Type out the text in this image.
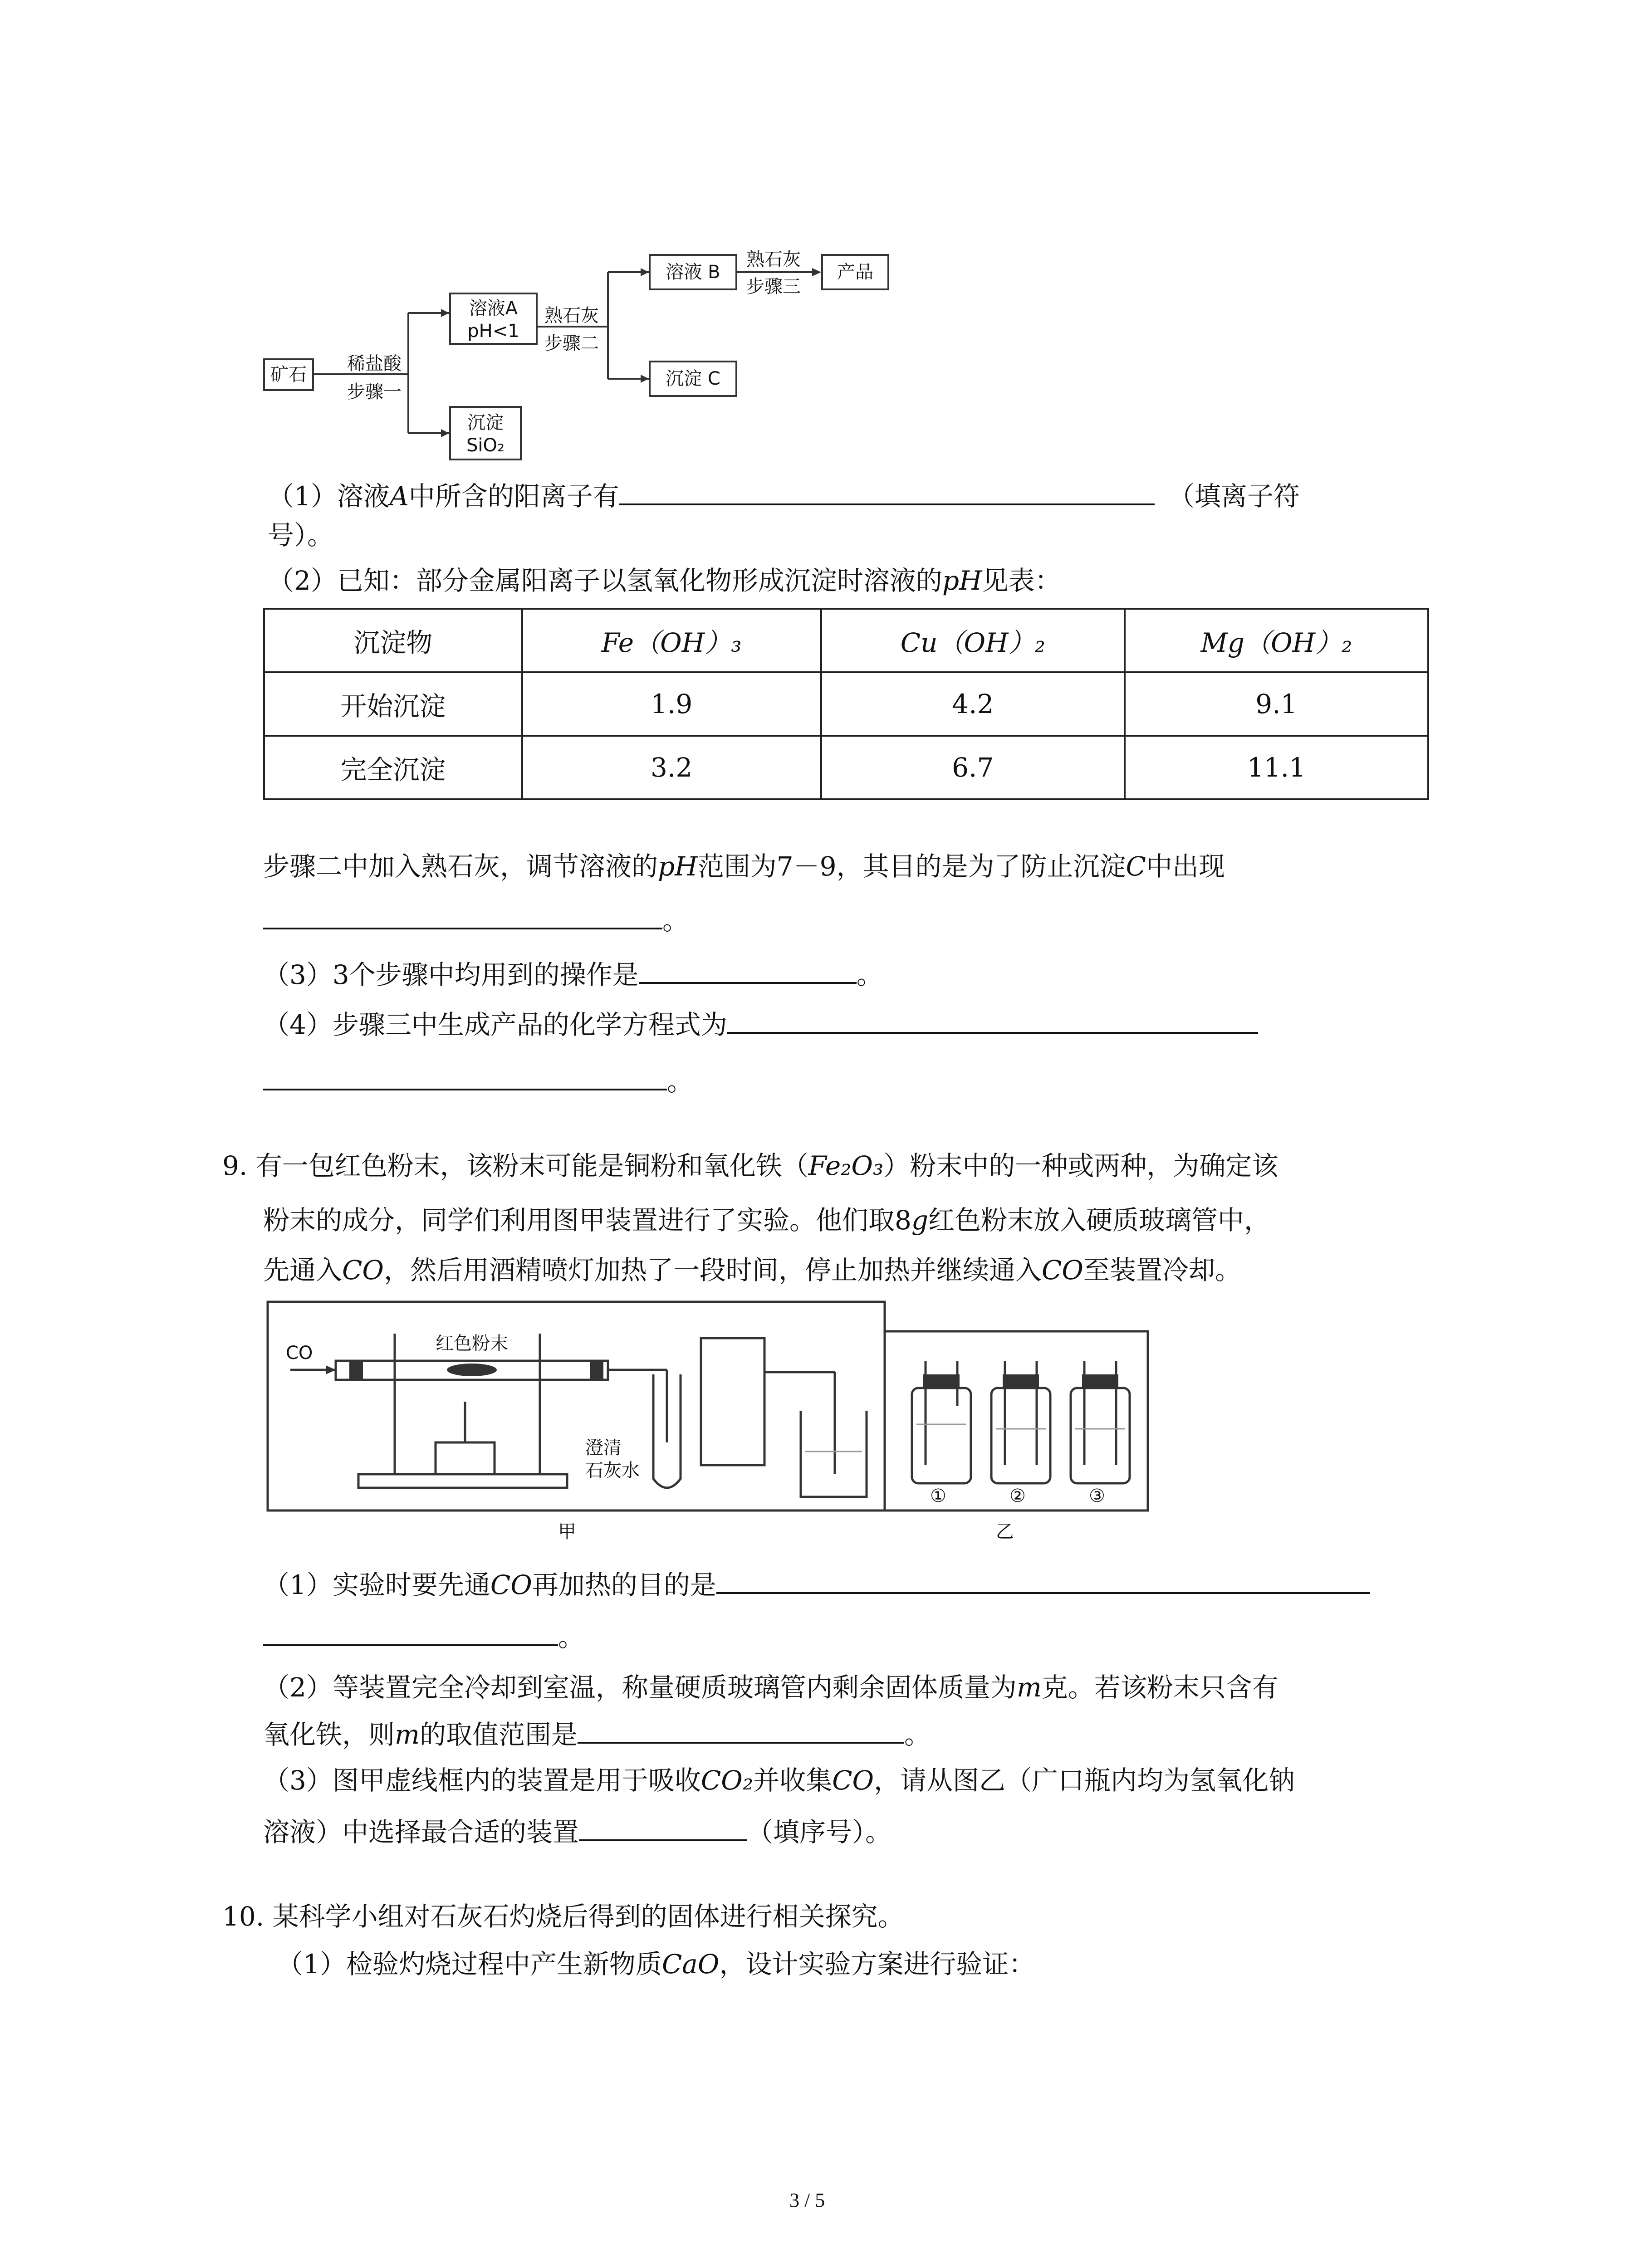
矿石
稀盐酸
步骤一
溶液A
pH<1
沉淀
SiO₂
熟石灰
步骤二
溶液 B
沉淀 C
熟石灰
步骤三
产品
（1）溶液A中所含的阳离子有	（填离子符
号）。
（2）已知：部分金属阳离子以氢氧化物形成沉淀时溶液的pH见表：
沉淀物	Fe（OH）₃	Cu（OH）₂	Mg（OH）₂
开始沉淀	1.9	4.2	9.1
完全沉淀	3.2	6.7	11.1
步骤二中加入熟石灰，调节溶液的pH范围为7－9，其目的是为了防止沉淀C中出现
。
（3）3个步骤中均用到的操作是	。
（4）步骤三中生成产品的化学方程式为
。
9. 有一包红色粉末，该粉末可能是铜粉和氧化铁（Fe₂O₃）粉末中的一种或两种，为确定该
粉末的成分，同学们利用图甲装置进行了实验。他们取8g红色粉末放入硬质玻璃管中，
先通入CO，然后用酒精喷灯加热了一段时间，停止加热并继续通入CO至装置冷却。
CO	红色粉末
澄清
石灰水
甲	乙
①	②	③
（1）实验时要先通CO再加热的目的是
。
（2）等装置完全冷却到室温，称量硬质玻璃管内剩余固体质量为m克。若该粉末只含有
氧化铁，则m的取值范围是	。
（3）图甲虚线框内的装置是用于吸收CO₂并收集CO，请从图乙（广口瓶内均为氢氧化钠
溶液）中选择最合适的装置	（填序号）。
10. 某科学小组对石灰石灼烧后得到的固体进行相关探究。
（1）检验灼烧过程中产生新物质CaO，设计实验方案进行验证：
3 / 5
